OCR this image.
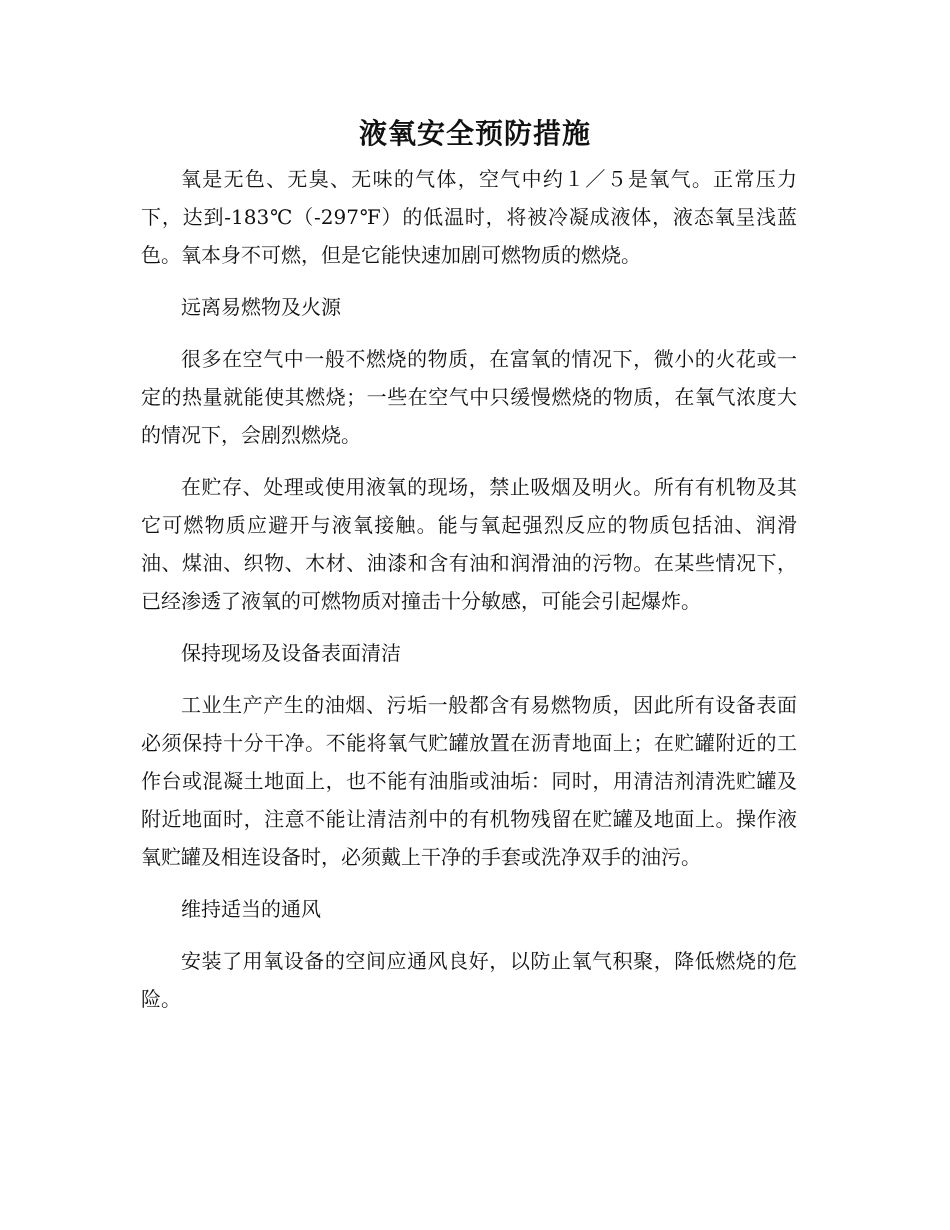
液氧安全预防措施

氧是无色、无臭、无味的气体，空气中约１／５是氧气。正常压力下，达到-183℃（-297℉）的低温时，将被冷凝成液体，液态氧呈浅蓝色。氧本身不可燃，但是它能快速加剧可燃物质的燃烧。

远离易燃物及火源

很多在空气中一般不燃烧的物质，在富氧的情况下，微小的火花或一定的热量就能使其燃烧；一些在空气中只缓慢燃烧的物质，在氧气浓度大的情况下，会剧烈燃烧。

在贮存、处理或使用液氧的现场，禁止吸烟及明火。所有有机物及其它可燃物质应避开与液氧接触。能与氧起强烈反应的物质包括油、润滑油、煤油、织物、木材、油漆和含有油和润滑油的污物。在某些情况下，已经渗透了液氧的可燃物质对撞击十分敏感，可能会引起爆炸。

保持现场及设备表面清洁

工业生产产生的油烟、污垢一般都含有易燃物质，因此所有设备表面必须保持十分干净。不能将氧气贮罐放置在沥青地面上；在贮罐附近的工作台或混凝土地面上，也不能有油脂或油垢：同时，用清洁剂清洗贮罐及附近地面时，注意不能让清洁剂中的有机物残留在贮罐及地面上。操作液氧贮罐及相连设备时，必须戴上干净的手套或洗净双手的油污。

维持适当的通风

安装了用氧设备的空间应通风良好，以防止氧气积聚，降低燃烧的危险。
